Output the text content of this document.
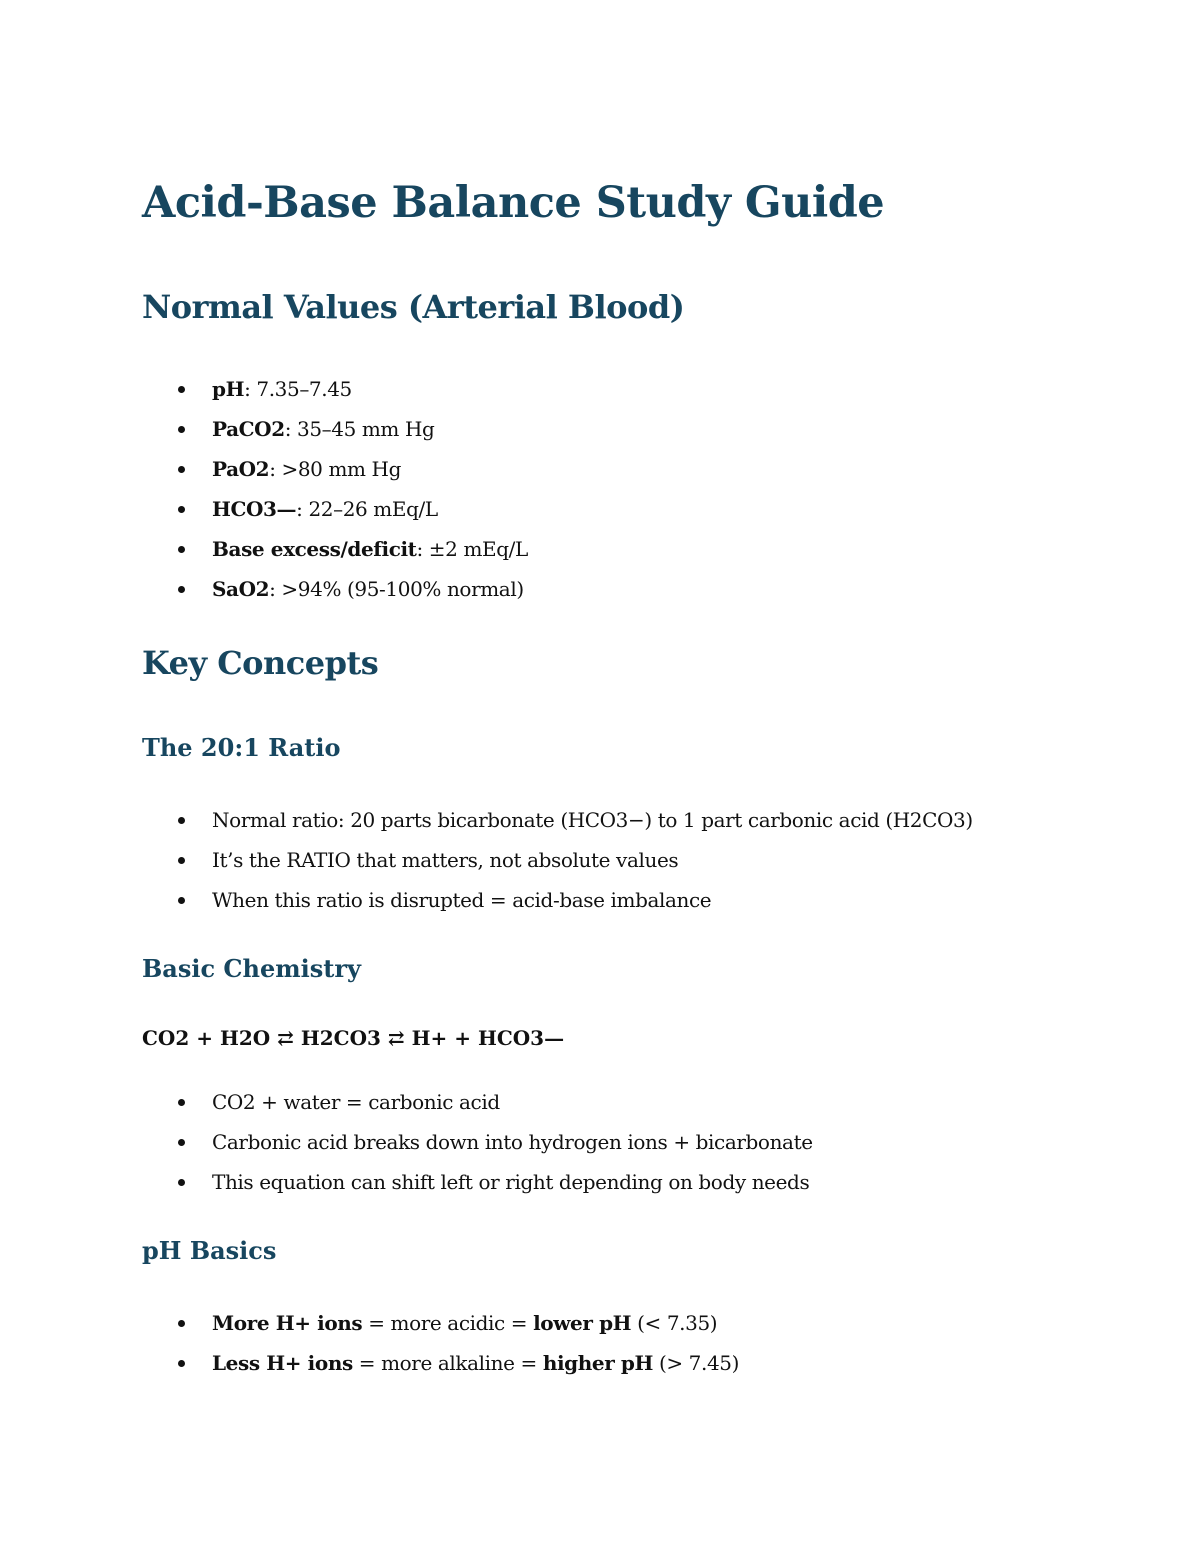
Acid-Base Balance Study Guide
Normal Values (Arterial Blood)
pH: 7.35–7.45
PaCO2: 35–45 mm Hg
PaO2: >80 mm Hg
HCO3—: 22–26 mEq/L
Base excess/deficit: ±2 mEq/L
SaO2: >94% (95-100% normal)
Key Concepts
The 20:1 Ratio
Normal ratio: 20 parts bicarbonate (HCO3−) to 1 part carbonic acid (H2CO3)
It’s the RATIO that matters, not absolute values
When this ratio is disrupted = acid-base imbalance
Basic Chemistry

CO2 + H2O ⇄ H2CO3 ⇄ H+ + HCO3—

CO2 + water = carbonic acid
Carbonic acid breaks down into hydrogen ions + bicarbonate
This equation can shift left or right depending on body needs
pH Basics
More H+ ions = more acidic = lower pH (< 7.35)
Less H+ ions = more alkaline = higher pH (> 7.45)
